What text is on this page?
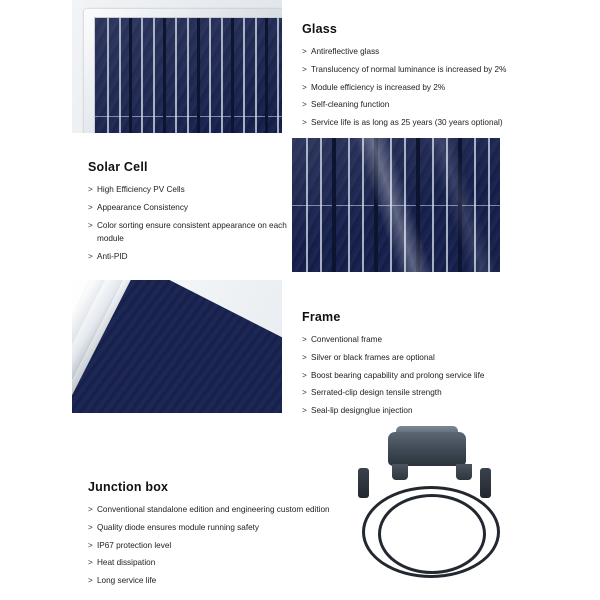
Glass
> Antireflective glass
> Translucency of normal luminance is increased by 2%
> Module efficiency is increased by 2%
> Self-cleaning function
> Service life is as long as 25 years (30 years optional)
Solar Cell
> High Efficiency PV Cells
> Appearance Consistency
> Color sorting ensure consistent appearance on each module
> Anti-PID
Frame
> Conventional frame
> Silver or black frames are optional
> Boost bearing capability and prolong service life
> Serrated-clip design tensile strength
> Seal-lip designglue injection
Junction box
> Conventional standalone edition and engineering custom edition
> Quality diode ensures module running safety
> IP67 protection level
> Heat dissipation
> Long service life
